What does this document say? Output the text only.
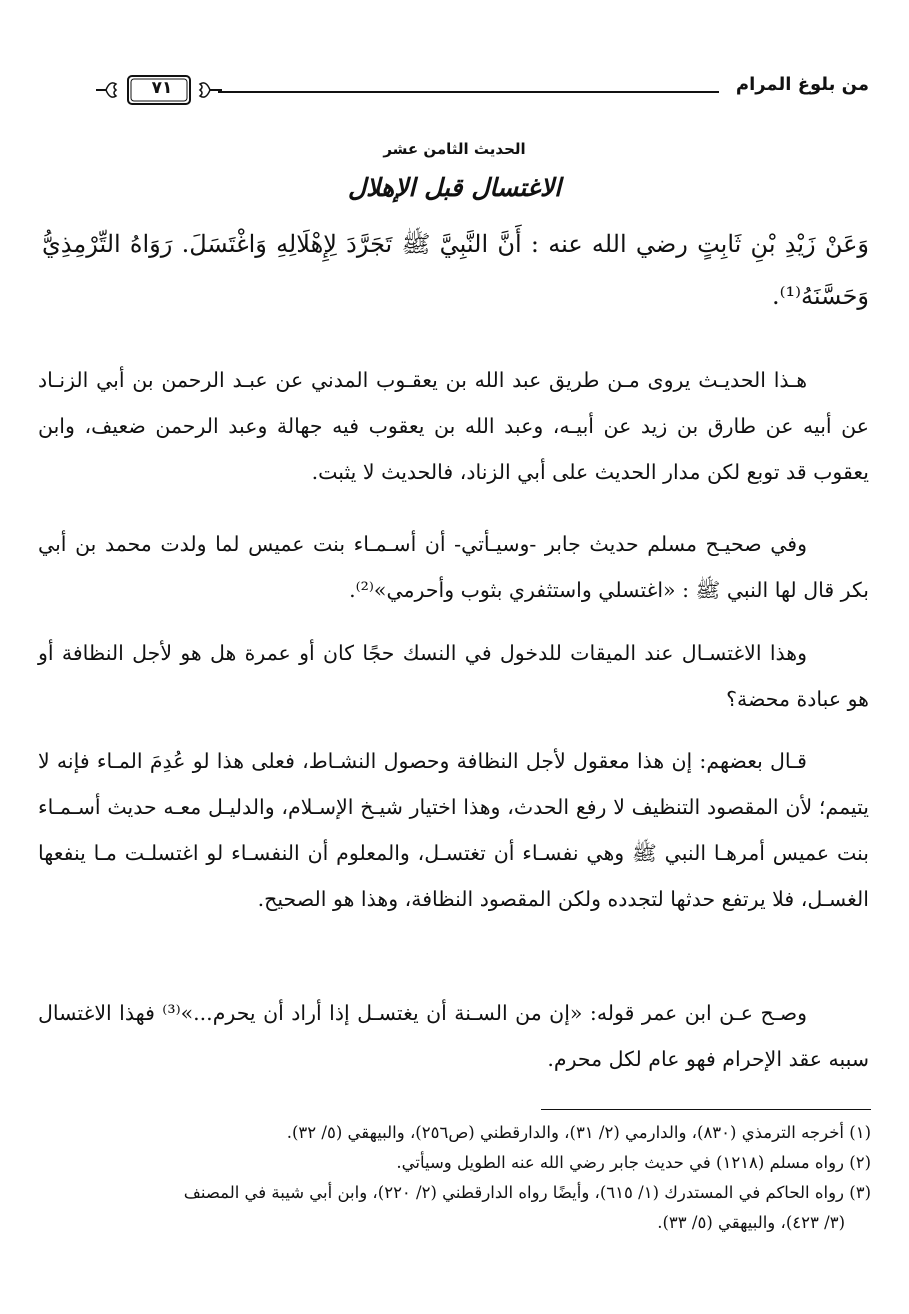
من بلوغ المرام
٧١
الحديث الثامن عشر
الاغتسال قبل الإهلال
وَعَنْ زَيْدِ بْنِ ثَابِتٍ رضي الله عنه : أَنَّ النَّبِيَّ ﷺ تَجَرَّدَ لِإِهْلَالِهِ وَاغْتَسَلَ. رَوَاهُ التِّرْمِذِيُّ وَحَسَّنَهُ⁽¹⁾.

هـذا الحديـث يروى مـن طريق عبد الله بن يعقـوب المدني عن عبـد الرحمن بن أبي الزنـاد عن أبيه عن طارق بن زيد عن أبيـه، وعبد الله بن يعقوب فيه جهالة وعبد الرحمن ضعيف، وابن يعقوب قد توبع لكن مدار الحديث على أبي الزناد، فالحديث لا يثبت.

وفي صحيـح مسلم حديث جابر -وسيـأتي- أن أسـمـاء بنت عميس لما ولدت محمد بن أبي بكر قال لها النبي ﷺ : «اغتسلي واستثفري بثوب وأحرمي»⁽²⁾.

وهذا الاغتسـال عند الميقات للدخول في النسك حجًا كان أو عمرة هل هو لأجل النظافة أو هو عبادة محضة؟

قـال بعضهم: إن هذا معقول لأجل النظافة وحصول النشـاط، فعلى هذا لو عُدِمَ المـاء فإنه لا يتيمم؛ لأن المقصود التنظيف لا رفع الحدث، وهذا اختيار شيـخ الإسـلام، والدليـل معـه حديث أسـمـاء بنت عميس أمرهـا النبي ﷺ وهي نفسـاء أن تغتسـل، والمعلوم أن النفسـاء لو اغتسلـت مـا ينفعها الغسـل، فلا يرتفع حدثها لتجدده ولكن المقصود النظافة، وهذا هو الصحيح.

وصـح عـن ابن عمر قوله: «إن من السـنة أن يغتسـل إذا أراد أن يحرم...»⁽³⁾ فهذا الاغتسال سببه عقد الإحرام فهو عام لكل محرم.

(١) أخرجه الترمذي (٨٣٠)، والدارمي (٢/ ٣١)، والدارقطني (ص٢٥٦)، والبيهقي (٥/ ٣٢).

(٢) رواه مسلم (١٢١٨) في حديث جابر رضي الله عنه الطويل وسيأتي.

(٣) رواه الحاكم في المستدرك (١/ ٦١٥)، وأيضًا رواه الدارقطني (٢/ ٢٢٠)، وابن أبي شيبة في المصنف

(٣/ ٤٢٣)، والبيهقي (٥/ ٣٣).
